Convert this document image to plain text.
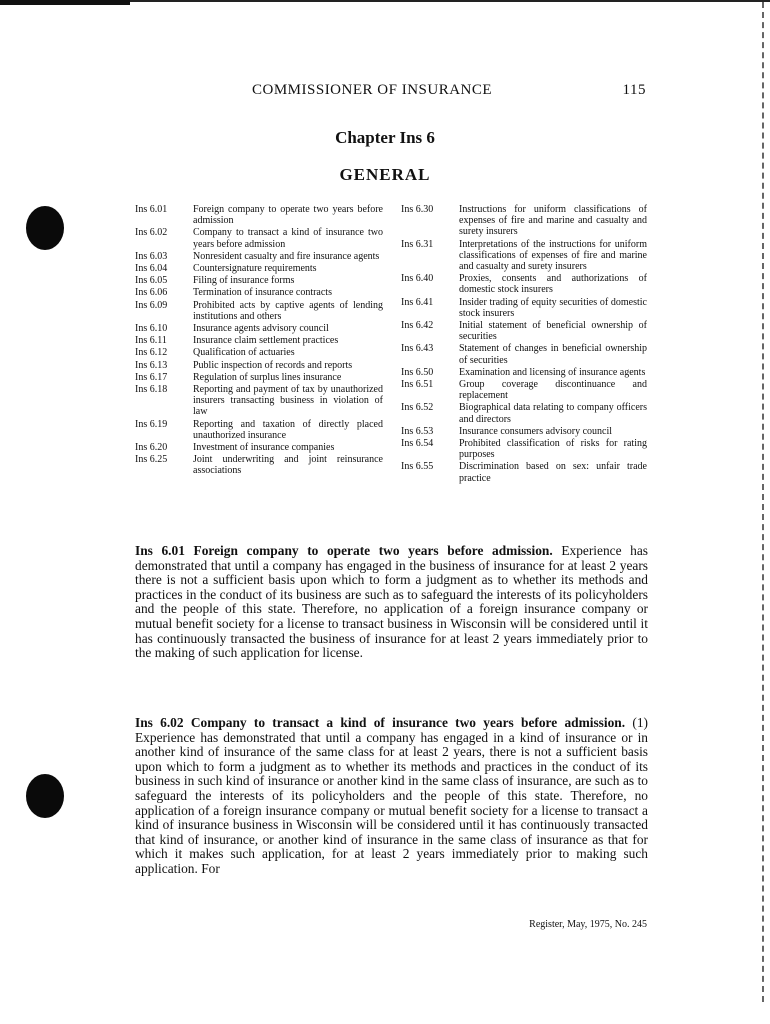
COMMISSIONER OF INSURANCE	115
Chapter Ins 6
GENERAL
Ins 6.01	Foreign company to operate two years before admission
Ins 6.02	Company to transact a kind of insurance two years before admission
Ins 6.03	Nonresident casualty and fire insurance agents
Ins 6.04	Countersignature requirements
Ins 6.05	Filing of insurance forms
Ins 6.06	Termination of insurance contracts
Ins 6.09	Prohibited acts by captive agents of lending institutions and others
Ins 6.10	Insurance agents advisory council
Ins 6.11	Insurance claim settlement practices
Ins 6.12	Qualification of actuaries
Ins 6.13	Public inspection of records and reports
Ins 6.17	Regulation of surplus lines insurance
Ins 6.18	Reporting and payment of tax by unauthorized insurers transacting business in violation of law
Ins 6.19	Reporting and taxation of directly placed unauthorized insurance
Ins 6.20	Investment of insurance companies
Ins 6.25	Joint underwriting and joint reinsurance associations
Ins 6.30	Instructions for uniform classifications of expenses of fire and marine and casualty and surety insurers
Ins 6.31	Interpretations of the instructions for uniform classifications of expenses of fire and marine and casualty and surety insurers
Ins 6.40	Proxies, consents and authorizations of domestic stock insurers
Ins 6.41	Insider trading of equity securities of domestic stock insurers
Ins 6.42	Initial statement of beneficial ownership of securities
Ins 6.43	Statement of changes in beneficial ownership of securities
Ins 6.50	Examination and licensing of insurance agents
Ins 6.51	Group coverage discontinuance and replacement
Ins 6.52	Biographical data relating to company officers and directors
Ins 6.53	Insurance consumers advisory council
Ins 6.54	Prohibited classification of risks for rating purposes
Ins 6.55	Discrimination based on sex: unfair trade practice
Ins 6.01 Foreign company to operate two years before admission. Experience has demonstrated that until a company has engaged in the business of insurance for at least 2 years there is not a sufficient basis upon which to form a judgment as to whether its methods and practices in the conduct of its business are such as to safeguard the interests of its policyholders and the people of this state. Therefore, no application of a foreign insurance company or mutual benefit society for a license to transact business in Wisconsin will be considered until it has continuously transacted the business of insurance for at least 2 years immediately prior to the making of such application for license.
Ins 6.02 Company to transact a kind of insurance two years before admission. (1) Experience has demonstrated that until a company has engaged in a kind of insurance or in another kind of insurance of the same class for at least 2 years, there is not a sufficient basis upon which to form a judgment as to whether its methods and practices in the conduct of its business in such kind of insurance or another kind in the same class of insurance, are such as to safeguard the interests of its policyholders and the people of this state. Therefore, no application of a foreign insurance company or mutual benefit society for a license to transact a kind of insurance business in Wisconsin will be considered until it has continuously transacted that kind of insurance, or another kind of insurance in the same class of insurance as that for which it makes such application, for at least 2 years immediately prior to making such application. For
Register, May, 1975, No. 245
